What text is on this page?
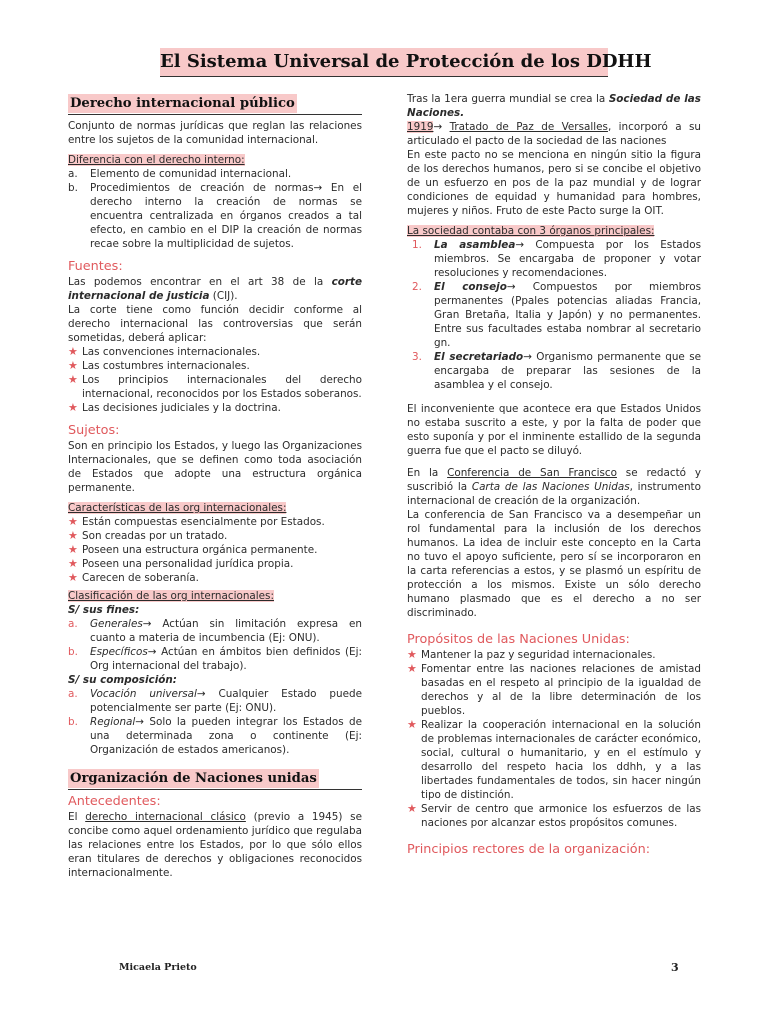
El Sistema Universal de Protección de los DDHH
Derecho internacional público

Conjunto de normas jurídicas que reglan las relaciones entre los sujetos de la comunidad internacional.

Diferencia con el derecho interno:
a. Elemento de comunidad internacional.
b. Procedimientos de creación de normas→ En el derecho interno la creación de normas se encuentra centralizada en órganos creados a tal efecto, en cambio en el DIP la creación de normas recae sobre la multiplicidad de sujetos.
Fuentes:

Las podemos encontrar en el art 38 de la corte internacional de justicia (CIJ).

La corte tiene como función decidir conforme al derecho internacional las controversias que serán sometidas, deberá aplicar:

★ Las convenciones internacionales.
★ Las costumbres internacionales.
★ Los principios internacionales del derecho internacional, reconocidos por los Estados soberanos.
★ Las decisiones judiciales y la doctrina.
Sujetos:

Son en principio los Estados, y luego las Organizaciones Internacionales, que se definen como toda asociación de Estados que adopte una estructura orgánica permanente.

Características de las org internacionales:
★ Están compuestas esencialmente por Estados.
★ Son creadas por un tratado.
★ Poseen una estructura orgánica permanente.
★ Poseen una personalidad jurídica propia.
★ Carecen de soberanía.
Clasificación de las org internacionales:
S/ sus fines:
a. Generales→ Actúan sin limitación expresa en cuanto a materia de incumbencia (Ej: ONU).
b. Específicos→ Actúan en ámbitos bien definidos (Ej: Org internacional del trabajo).
S/ su composición:
a. Vocación universal→ Cualquier Estado puede potencialmente ser parte (Ej: ONU).
b. Regional→ Solo la pueden integrar los Estados de una determinada zona o continente (Ej: Organización de estados americanos).
Organización de Naciones unidas
Antecedentes:

El derecho internacional clásico (previo a 1945) se concibe como aquel ordenamiento jurídico que regulaba las relaciones entre los Estados, por lo que sólo ellos eran titulares de derechos y obligaciones reconocidos internacionalmente.

Tras la 1era guerra mundial se crea la Sociedad de las Naciones.

1919→ Tratado de Paz de Versalles, incorporó a su articulado el pacto de la sociedad de las naciones

En este pacto no se menciona en ningún sitio la figura de los derechos humanos, pero si se concibe el objetivo de un esfuerzo en pos de la paz mundial y de lograr condiciones de equidad y humanidad para hombres, mujeres y niños. Fruto de este Pacto surge la OIT.

La sociedad contaba con 3 órganos principales:
1. La asamblea→ Compuesta por los Estados miembros. Se encargaba de proponer y votar resoluciones y recomendaciones.
2. El consejo→ Compuestos por miembros permanentes (Ppales potencias aliadas Francia, Gran Bretaña, Italia y Japón) y no permanentes. Entre sus facultades estaba nombrar al secretario gn.
3. El secretariado→ Organismo permanente que se encargaba de preparar las sesiones de la asamblea y el consejo.

El inconveniente que acontece era que Estados Unidos no estaba suscrito a este, y por la falta de poder que esto suponía y por el inminente estallido de la segunda guerra fue que el pacto se diluyó.

En la Conferencia de San Francisco se redactó y suscribió la Carta de las Naciones Unidas, instrumento internacional de creación de la organización.

La conferencia de San Francisco va a desempeñar un rol fundamental para la inclusión de los derechos humanos. La idea de incluir este concepto en la Carta no tuvo el apoyo suficiente, pero sí se incorporaron en la carta referencias a estos, y se plasmó un espíritu de protección a los mismos. Existe un sólo derecho humano plasmado que es el derecho a no ser discriminado.

Propósitos de las Naciones Unidas:
★ Mantener la paz y seguridad internacionales.
★ Fomentar entre las naciones relaciones de amistad basadas en el respeto al principio de la igualdad de derechos y al de la libre determinación de los pueblos.
★ Realizar la cooperación internacional en la solución de problemas internacionales de carácter económico, social, cultural o humanitario, y en el estímulo y desarrollo del respeto hacia los ddhh, y a las libertades fundamentales de todos, sin hacer ningún tipo de distinción.
★ Servir de centro que armonice los esfuerzos de las naciones por alcanzar estos propósitos comunes.
Principios rectores de la organización:
Micaela Prieto	3
